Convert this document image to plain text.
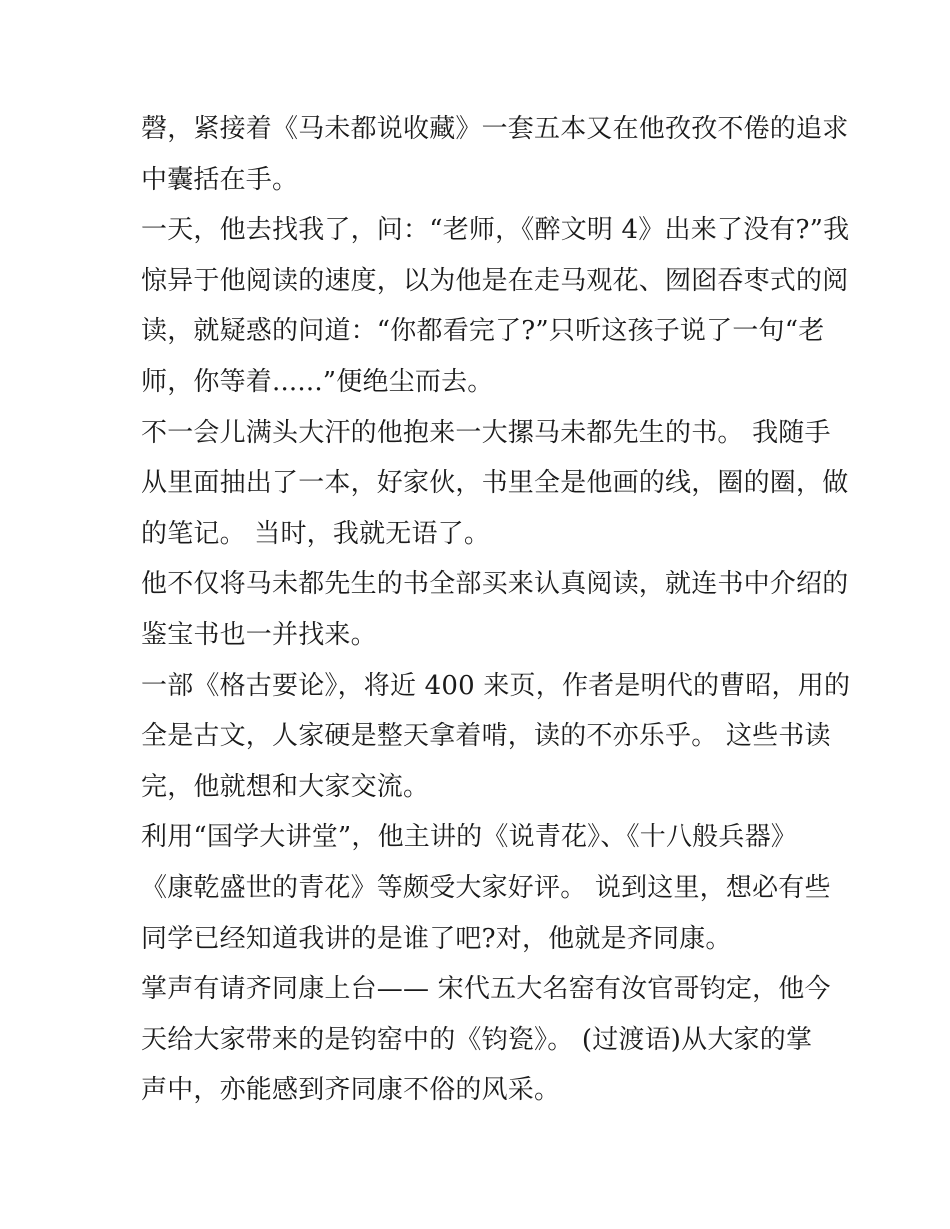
磬，紧接着《马未都说收藏》一套五本又在他孜孜不倦的追求
中囊括在手。
一天，他去找我了，问：“老师，《醉文明 4》出来了没有?”我
惊异于他阅读的速度，以为他是在走马观花、囫囵吞枣式的阅
读，就疑惑的问道：“你都看完了?”只听这孩子说了一句“老
师，你等着......”便绝尘而去。
不一会儿满头大汗的他抱来一大摞马未都先生的书。 我随手
从里面抽出了一本，好家伙，书里全是他画的线，圈的圈，做
的笔记。 当时，我就无语了。
他不仅将马未都先生的书全部买来认真阅读，就连书中介绍的
鉴宝书也一并找来。
一部《格古要论》，将近 400 来页，作者是明代的曹昭，用的
全是古文，人家硬是整天拿着啃，读的不亦乐乎。 这些书读
完，他就想和大家交流。
利用“国学大讲堂”，他主讲的《说青花》、《十八般兵器》
《康乾盛世的青花》等颇受大家好评。 说到这里，想必有些
同学已经知道我讲的是谁了吧?对，他就是齐同康。
掌声有请齐同康上台—— 宋代五大名窑有汝官哥钧定，他今
天给大家带来的是钧窑中的《钧瓷》。 (过渡语)从大家的掌
声中，亦能感到齐同康不俗的风采。
